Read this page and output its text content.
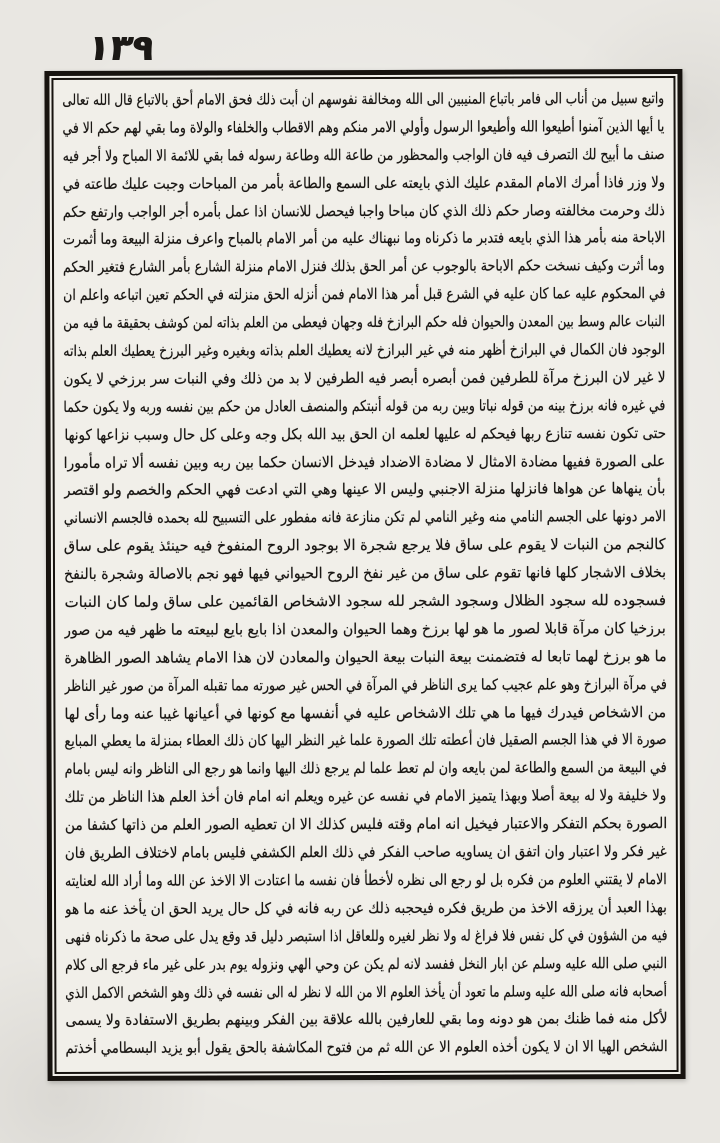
١٣٩
واتبع سبيل من أناب الى فامر باتباع المنيبين الى الله ومخالفة نفوسهم ان أبت ذلك فحق الامام أحق بالاتباع قال الله تعالى
يا أيها الذين آمنوا أطيعوا الله وأطيعوا الرسول وأولي الامر منكم وهم الاقطاب والخلفاء والولاة وما بقي لهم حكم الا في
صنف ما أبيح لك التصرف فيه فان الواجب والمحظور من طاعة الله وطاعة رسوله فما بقي للائمة الا المباح ولا أجر فيه
ولا وزر فاذا أمرك الامام المقدم عليك الذي بايعته على السمع والطاعة بأمر من المباحات وجبت عليك طاعته في
ذلك وحرمت مخالفته وصار حكم ذلك الذي كان مباحا واجبا فيحصل للانسان اذا عمل بأمره أجر الواجب وارتفع حكم
الاباحة منه بأمر هذا الذي بايعه فتدبر ما ذكرناه وما نبهناك عليه من أمر الامام بالمباح واعرف منزلة البيعة وما أثمرت
وما أثرت وكيف نسخت حكم الاباحة بالوجوب عن أمر الحق بذلك فنزل الامام منزلة الشارع بأمر الشارع فتغير الحكم
في المحكوم عليه عما كان عليه في الشرع قبل أمر هذا الامام فمن أنزله الحق منزلته في الحكم تعين اتباعه واعلم ان
النبات عالم وسط بين المعدن والحيوان فله حكم البرازخ فله وجهان فيعطى من العلم بذاته لمن كوشف بحقيقة ما فيه من
الوجود فان الكمال في البرازخ أظهر منه في غير البرازخ لانه يعطيك العلم بذاته وبغيره وغير البرزخ يعطيك العلم بذاته
لا غير لان البرزخ مرآة للطرفين فمن أبصره أبصر فيه الطرفين لا بد من ذلك وفي النبات سر برزخي لا يكون
في غيره فانه برزخ بينه من قوله نباتا وبين ربه من قوله أنبتكم والمنصف العادل من حكم بين نفسه وربه ولا يكون حكما
حتى تكون نفسه تنازع ربها فيحكم له عليها لعلمه ان الحق بيد الله بكل وجه وعلى كل حال وسبب نزاعها كونها
على الصورة ففيها مضادة الامثال لا مضادة الاضداد فيدخل الانسان حكما بين ربه وبين نفسه ألا تراه مأمورا
بأن ينهاها عن هواها فانزلها منزلة الاجنبي وليس الا عينها وهي التي ادعت فهي الحكم والخصم ولو اقتصر
الامر دونها على الجسم النامي منه وغير النامي لم تكن منازعة فانه مفطور على التسبيح لله بحمده فالجسم الانساني
كالنجم من النبات لا يقوم على ساق فلا يرجع شجرة الا بوجود الروح المنفوخ فيه حينئذ يقوم على ساق
بخلاف الاشجار كلها فانها تقوم على ساق من غير نفخ الروح الحيواني فيها فهو نجم بالاصالة وشجرة بالنفخ
فسجوده لله سجود الظلال وسجود الشجر لله سجود الاشخاص القائمين على ساق ولما كان النبات
برزخيا كان مرآة قابلا لصور ما هو لها برزخ وهما الحيوان والمعدن اذا بايع بايع لبيعته ما ظهر فيه من صور
ما هو برزخ لهما تابعا له فتضمنت بيعة النبات بيعة الحيوان والمعادن لان هذا الامام يشاهد الصور الظاهرة
في مرآة البرازخ وهو علم عجيب كما يرى الناظر في المرآة في الحس غير صورته مما تقبله المرآة من صور غير الناظر
من الاشخاص فيدرك فيها ما هي تلك الاشخاص عليه في أنفسها مع كونها في أعيانها غيبا عنه وما رأى لها
صورة الا في هذا الجسم الصقيل فان أعطته تلك الصورة علما غير النظر اليها كان ذلك العطاء بمنزلة ما يعطي المبايع
في البيعة من السمع والطاعة لمن بايعه وان لم تعط علما لم يرجع ذلك اليها وانما هو رجع الى الناظر وانه ليس بامام
ولا خليفة ولا له بيعة أصلا وبهذا يتميز الامام في نفسه عن غيره ويعلم انه امام فان أخذ العلم هذا الناظر من تلك
الصورة بحكم التفكر والاعتبار فيخيل انه امام وقته فليس كذلك الا ان تعطيه الصور العلم من ذاتها كشفا من
غير فكر ولا اعتبار وان اتفق ان يساويه صاحب الفكر في ذلك العلم الكشفي فليس بامام لاختلاف الطريق فان
الامام لا يقتني العلوم من فكره بل لو رجع الى نظره لأخطأ فان نفسه ما اعتادت الا الاخذ عن الله وما أراد الله لعنايته
بهذا العبد أن يرزقه الاخذ من طريق فكره فيحجبه ذلك عن ربه فانه في كل حال يريد الحق ان يأخذ عنه ما هو
فيه من الشؤون في كل نفس فلا فراغ له ولا نظر لغيره وللعاقل اذا استبصر دليل قد وقع يدل على صحة ما ذكرناه فنهى
النبي صلى الله عليه وسلم عن ابار النخل ففسد لانه لم يكن عن وحي الهي ونزوله يوم بدر على غير ماء فرجع الى كلام
أصحابه فانه صلى الله عليه وسلم ما تعود أن يأخذ العلوم الا من الله لا نظر له الى نفسه في ذلك وهو الشخص الاكمل الذي
لأكل منه فما ظنك بمن هو دونه وما بقي للعارفين بالله علاقة بين الفكر وبينهم بطريق الاستفادة ولا يسمى
الشخص الهيا الا ان لا يكون أخذه العلوم الا عن الله ثم من فتوح المكاشفة بالحق يقول أبو يزيد البسطامي أخذتم
